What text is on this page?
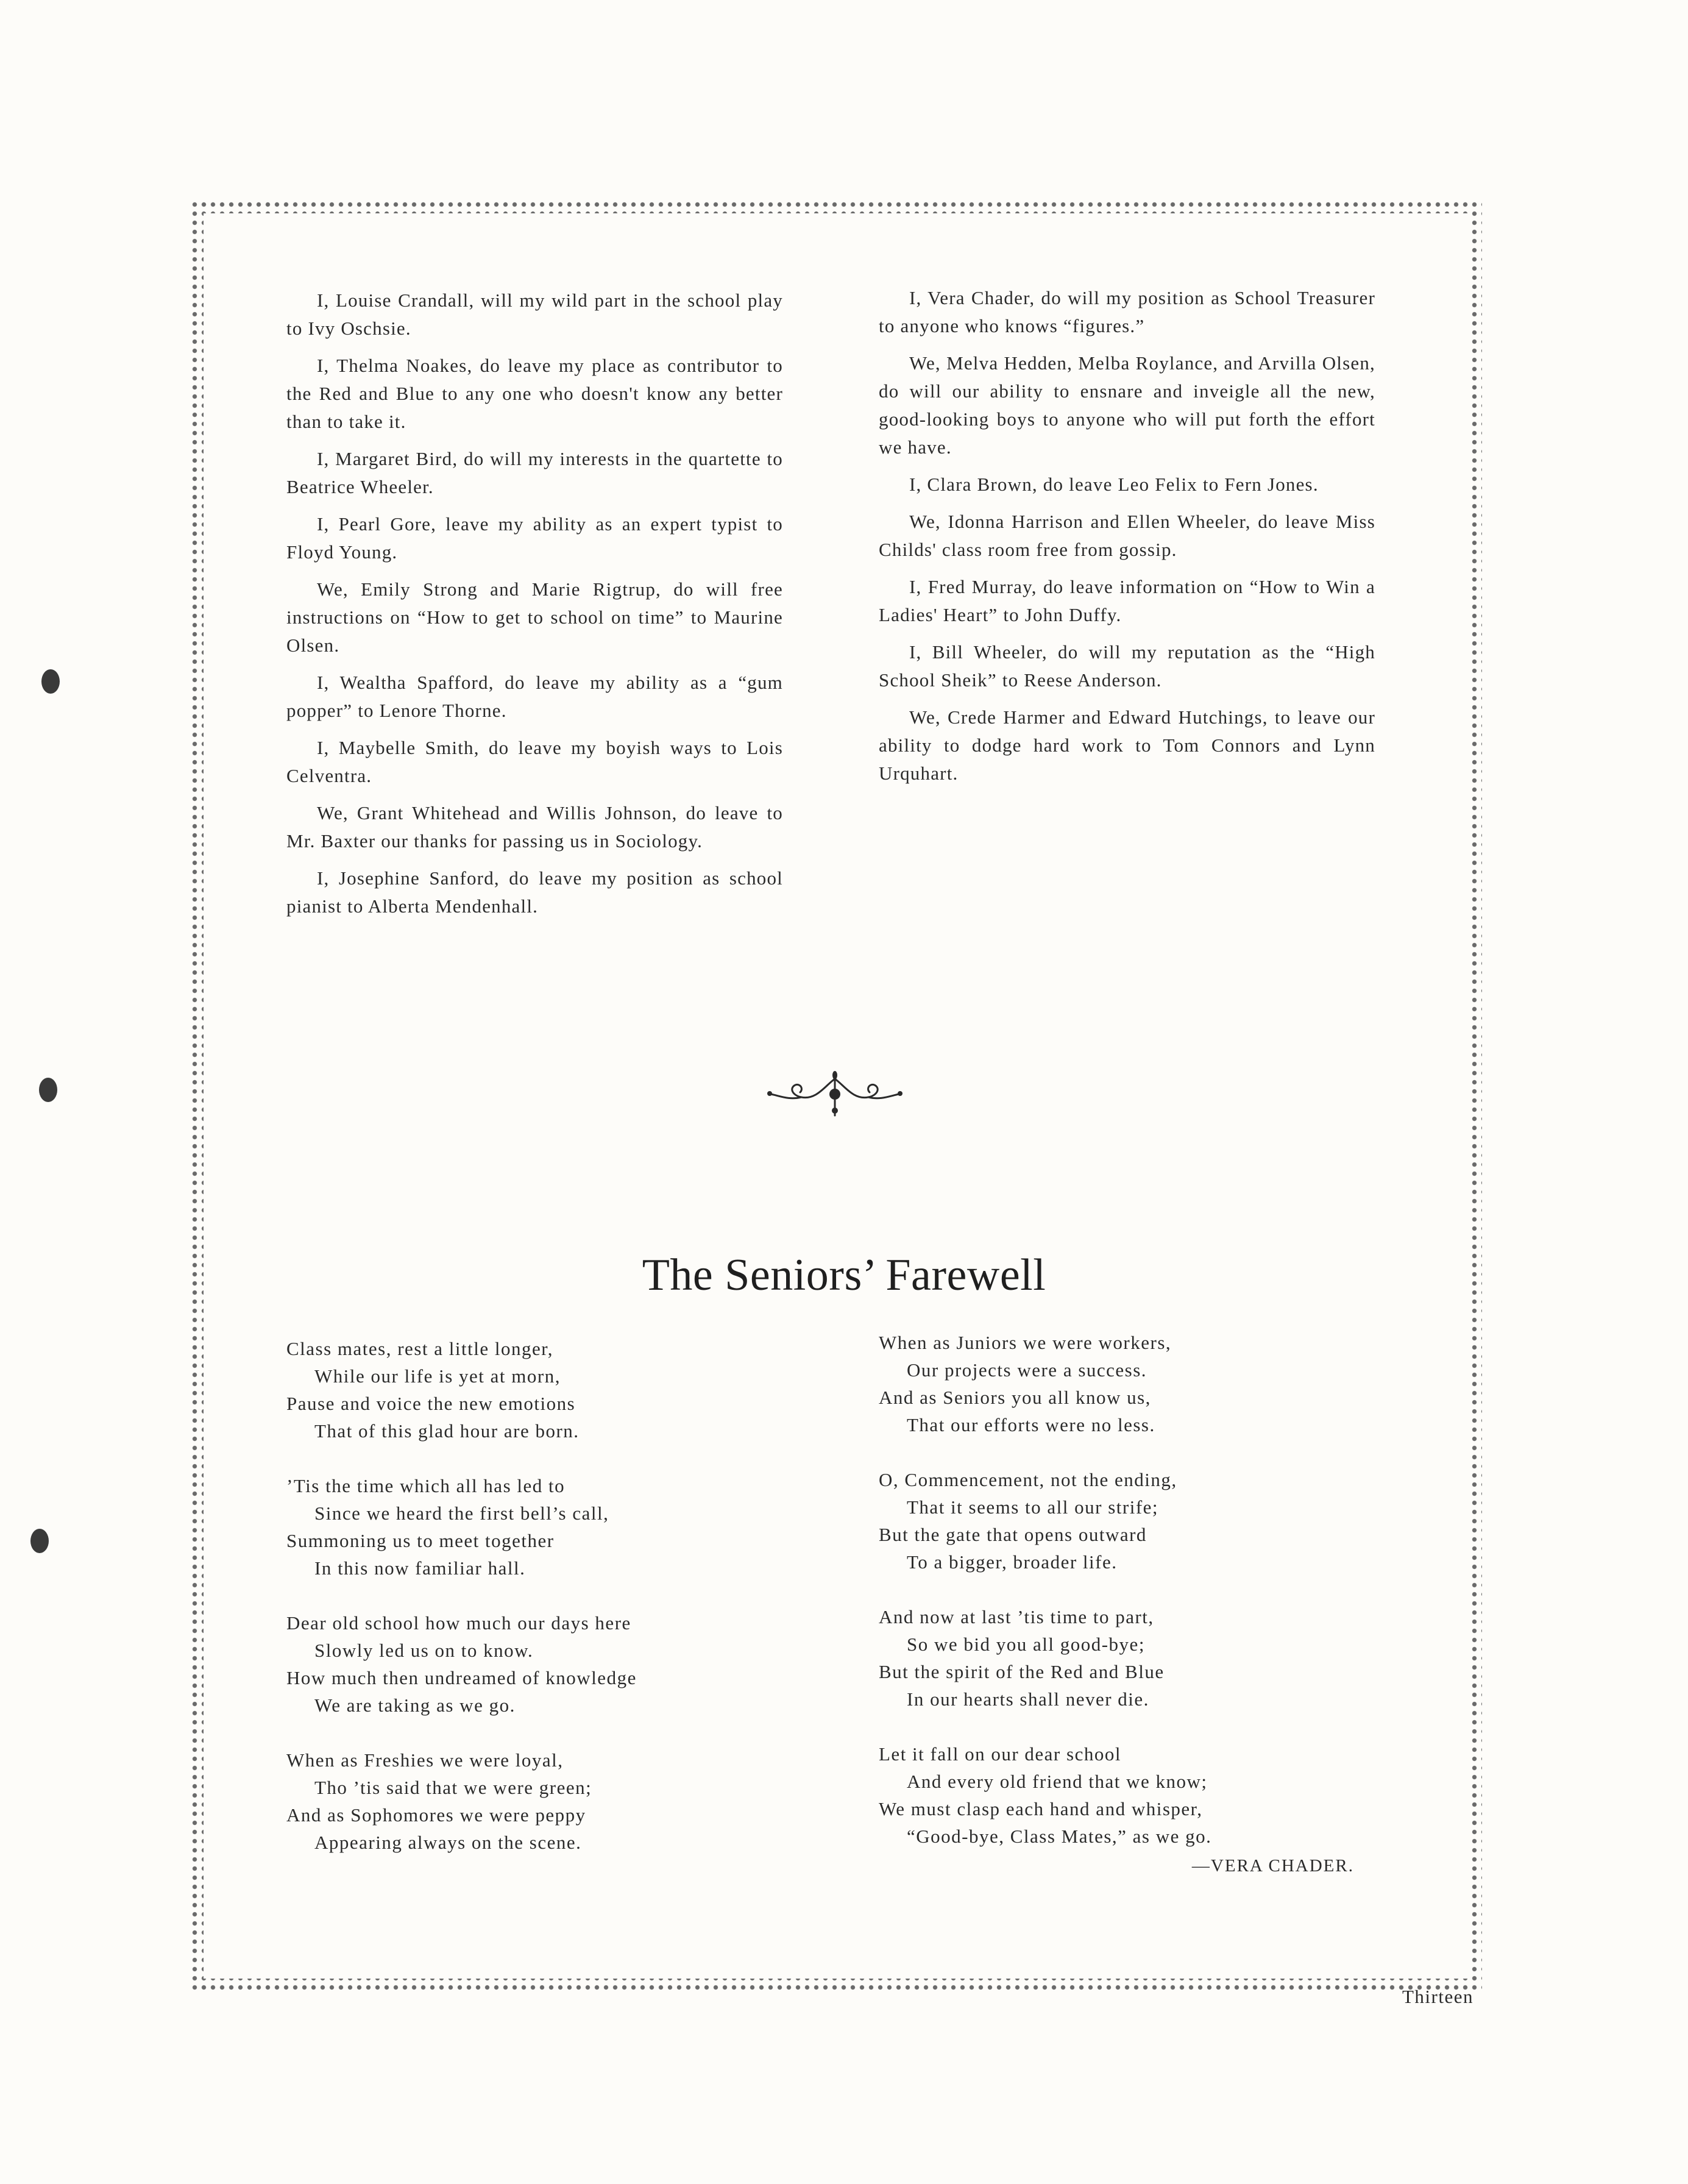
I, Louise Crandall, will my wild part in the school play to Ivy Oschsie.

I, Thelma Noakes, do leave my place as contributor to the Red and Blue to any one who doesn't know any better than to take it.

I, Margaret Bird, do will my interests in the quartette to Beatrice Wheeler.

I, Pearl Gore, leave my ability as an expert typist to Floyd Young.

We, Emily Strong and Marie Rigtrup, do will free instructions on “How to get to school on time” to Maurine Olsen.

I, Wealtha Spafford, do leave my ability as a “gum popper” to Lenore Thorne.

I, Maybelle Smith, do leave my boyish ways to Lois Celventra.

We, Grant Whitehead and Willis Johnson, do leave to Mr. Baxter our thanks for passing us in Sociology.

I, Josephine Sanford, do leave my position as school pianist to Alberta Mendenhall.

I, Vera Chader, do will my position as School Treasurer to anyone who knows “figures.”

We, Melva Hedden, Melba Roylance, and Arvilla Olsen, do will our ability to ensnare and inveigle all the new, good-looking boys to anyone who will put forth the effort we have.

I, Clara Brown, do leave Leo Felix to Fern Jones.

We, Idonna Harrison and Ellen Wheeler, do leave Miss Childs' class room free from gossip.

I, Fred Murray, do leave information on “How to Win a Ladies' Heart” to John Duffy.

I, Bill Wheeler, do will my reputation as the “High School Sheik” to Reese Anderson.

We, Crede Harmer and Edward Hutchings, to leave our ability to dodge hard work to Tom Connors and Lynn Urquhart.

The Seniors’ Farewell
Class mates, rest a little longer,
While our life is yet at morn,
Pause and voice the new emotions
That of this glad hour are born.
’Tis the time which all has led to
Since we heard the first bell’s call,
Summoning us to meet together
In this now familiar hall.
Dear old school how much our days here
Slowly led us on to know.
How much then undreamed of knowledge
We are taking as we go.
When as Freshies we were loyal,
Tho ’tis said that we were green;
And as Sophomores we were peppy
Appearing always on the scene.
When as Juniors we were workers,
Our projects were a success.
And as Seniors you all know us,
That our efforts were no less.
O, Commencement, not the ending,
That it seems to all our strife;
But the gate that opens outward
To a bigger, broader life.
And now at last ’tis time to part,
So we bid you all good-bye;
But the spirit of the Red and Blue
In our hearts shall never die.
Let it fall on our dear school
And every old friend that we know;
We must clasp each hand and whisper,
“Good-bye, Class Mates,” as we go.
—VERA CHADER.
Thirteen
